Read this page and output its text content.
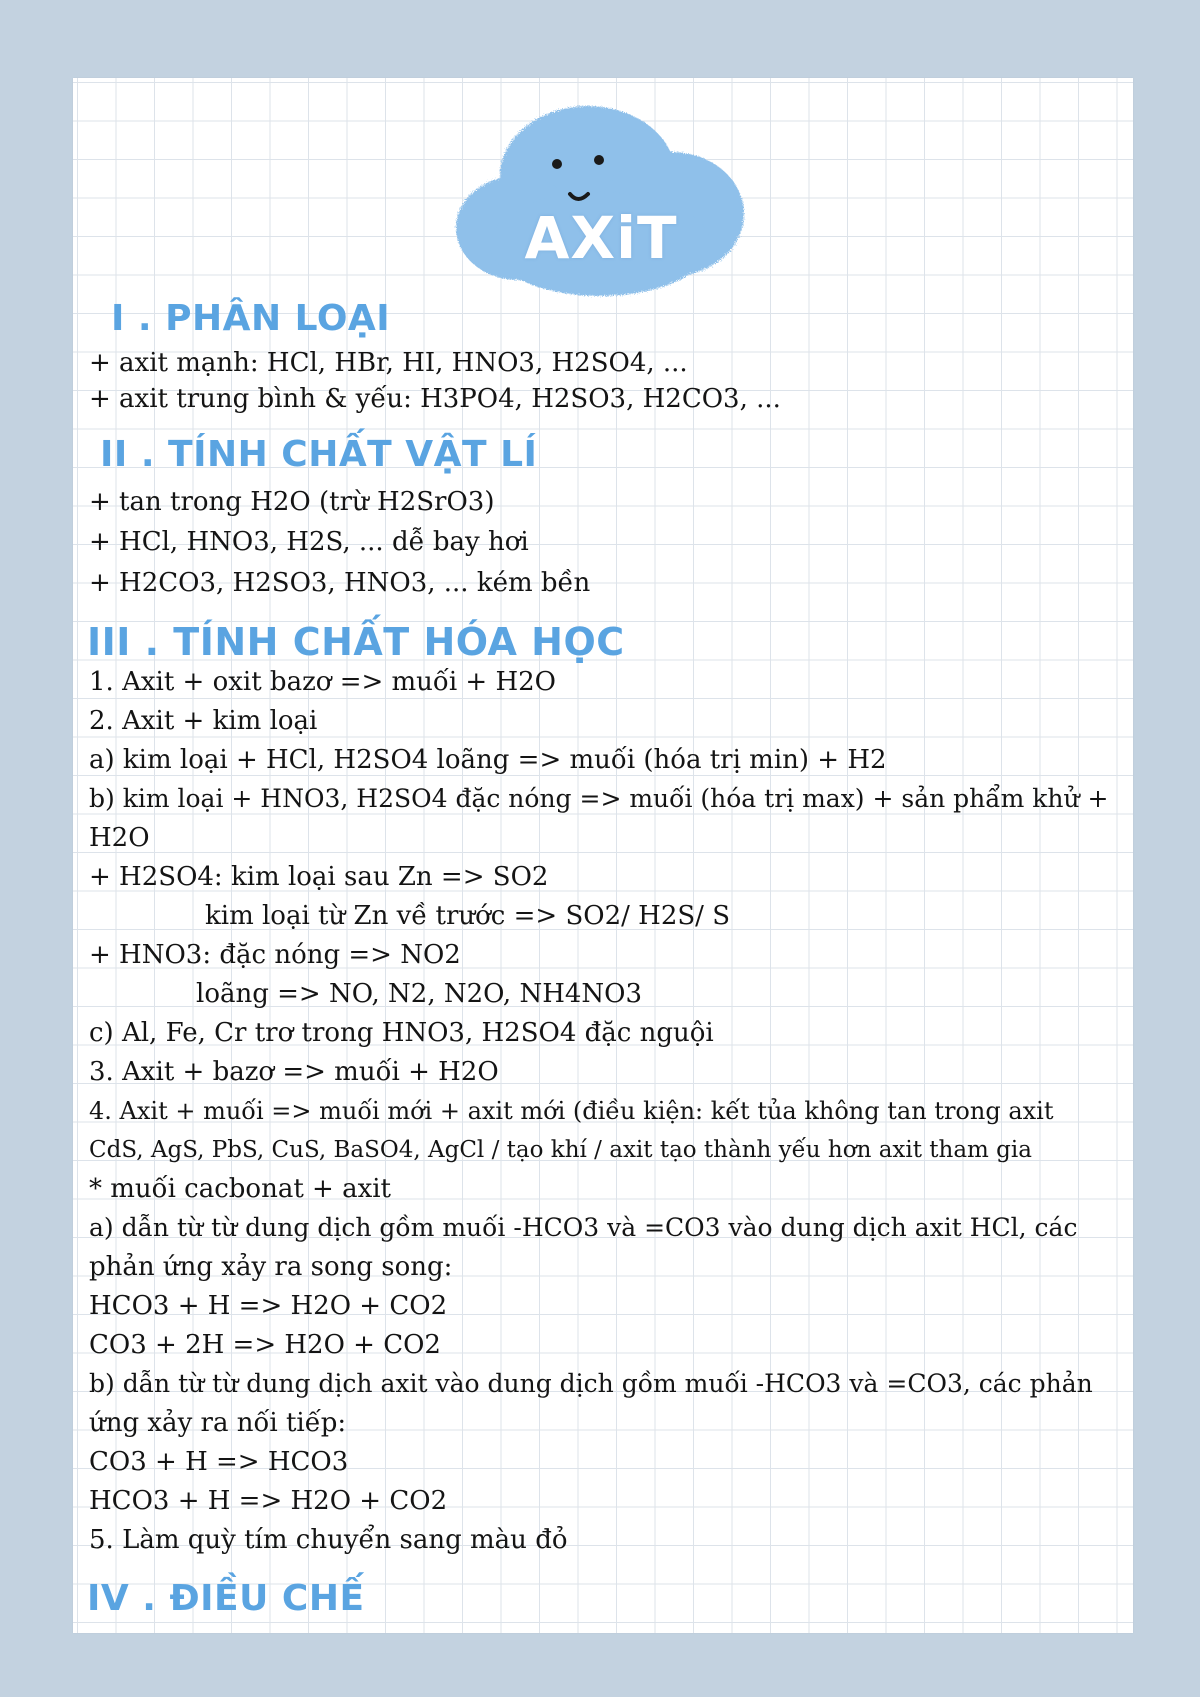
AXiT
I . PHÂN LOẠI
+ axit mạnh: HCl, HBr, HI, HNO3, H2SO4, ...
+ axit trung bình & yếu: H3PO4, H2SO3, H2CO3, ...
II . TÍNH CHẤT VẬT LÍ
+ tan trong H2O (trừ H2SrO3)
+ HCl, HNO3, H2S, ... dễ bay hơi
+ H2CO3, H2SO3, HNO3, ... kém bền
III . TÍNH CHẤT HÓA HỌC
1. Axit + oxit bazơ => muối + H2O
2. Axit + kim loại
a) kim loại + HCl, H2SO4 loãng => muối (hóa trị min) + H2
b) kim loại + HNO3, H2SO4 đặc nóng => muối (hóa trị max) + sản phẩm khử +
H2O
+ H2SO4: kim loại sau Zn => SO2
kim loại từ Zn về trước => SO2/ H2S/ S
+ HNO3: đặc nóng => NO2
loãng => NO, N2, N2O, NH4NO3
c) Al, Fe, Cr trơ trong HNO3, H2SO4 đặc nguội
3. Axit + bazơ => muối + H2O
4. Axit + muối => muối mới + axit mới (điều kiện: kết tủa không tan trong axit
CdS, AgS, PbS, CuS, BaSO4, AgCl / tạo khí / axit tạo thành yếu hơn axit tham gia
* muối cacbonat + axit
a) dẫn từ từ dung dịch gồm muối -HCO3 và =CO3 vào dung dịch axit HCl, các
phản ứng xảy ra song song:
HCO3 + H => H2O + CO2
CO3 + 2H => H2O + CO2
b) dẫn từ từ dung dịch axit vào dung dịch gồm muối -HCO3 và =CO3, các phản
ứng xảy ra nối tiếp:
CO3 + H => HCO3
HCO3 + H => H2O + CO2
5. Làm quỳ tím chuyển sang màu đỏ
IV . ĐIỀU CHẾ
